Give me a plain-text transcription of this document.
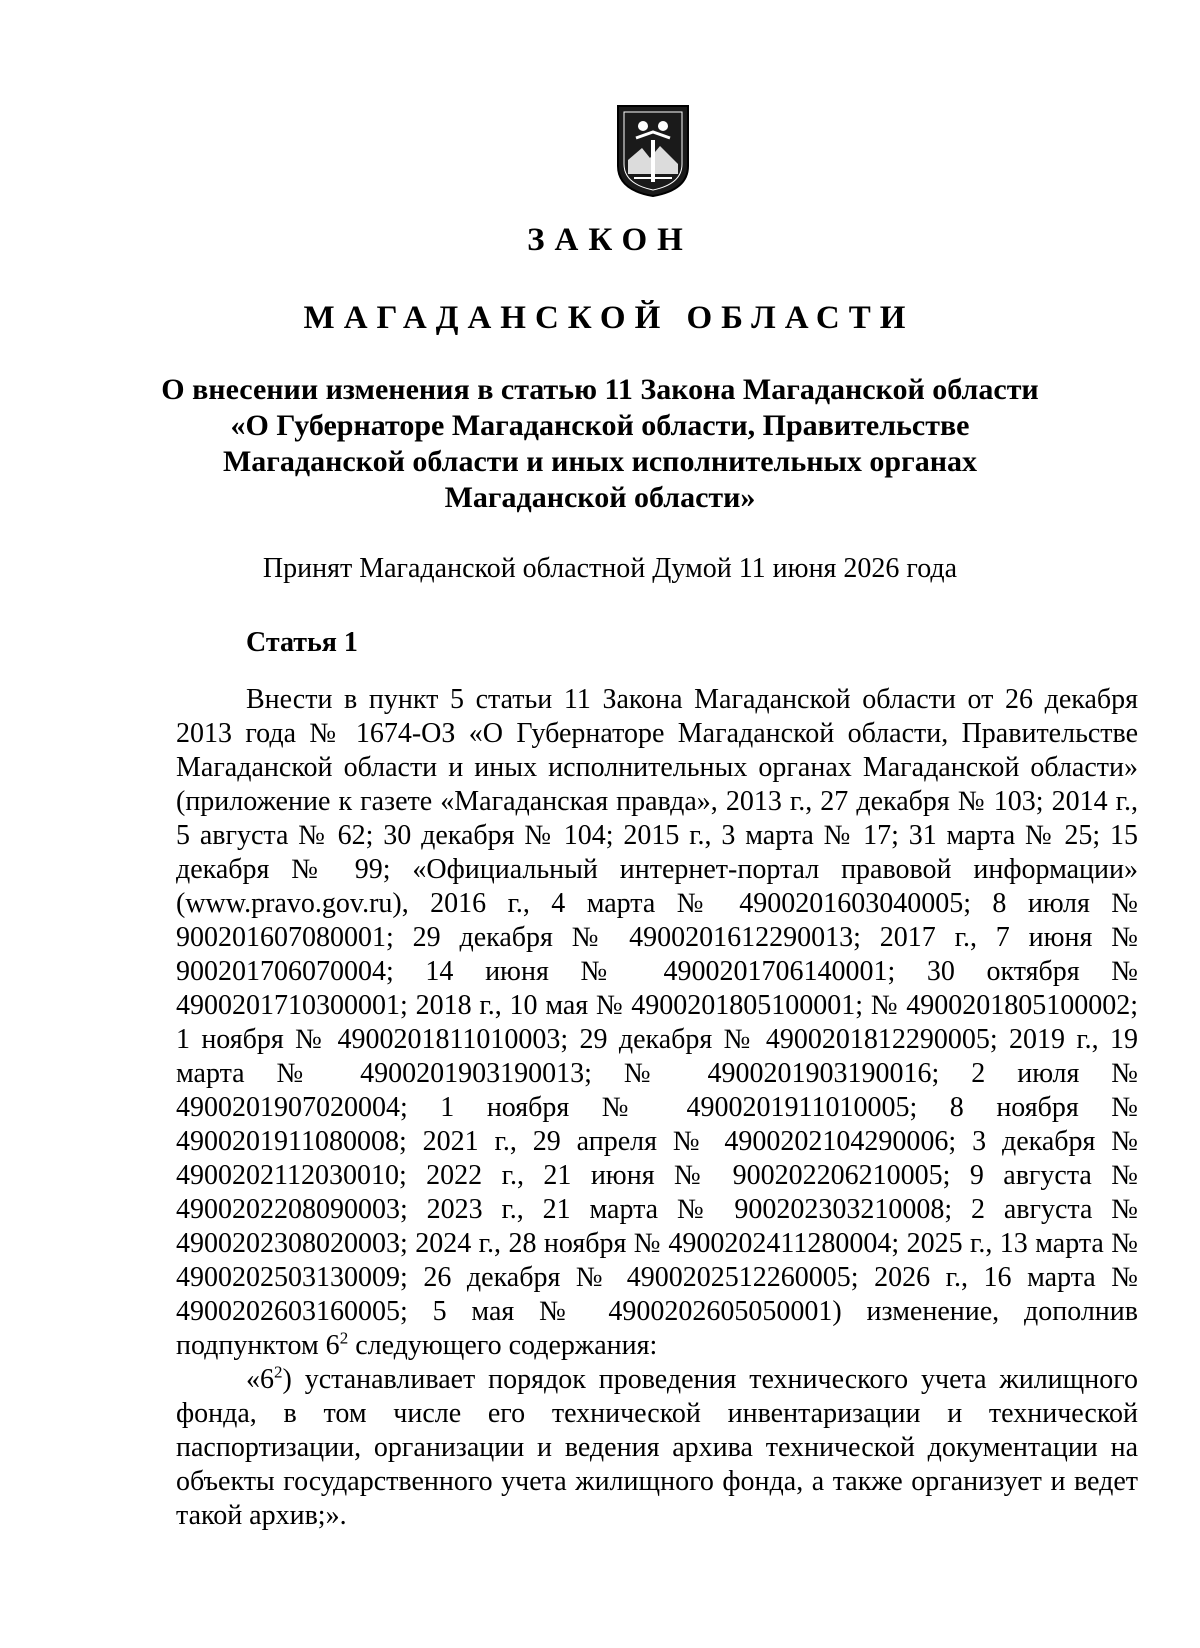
ЗАКОН
МАГАДАНСКОЙ ОБЛАСТИ
О внесении изменения в статью 11 Закона Магаданской области «О Губернаторе Магаданской области, Правительстве Магаданской области и иных исполнительных органах Магаданской области»
Принят Магаданской областной Думой 11 июня 2026 года
Статья 1

Внести в пункт 5 статьи 11 Закона Магаданской области от 26 декабря 2013 года № 1674-ОЗ «О Губернаторе Магаданской области, Правительстве Магаданской области и иных исполнительных органах Магаданской области» (приложение к газете «Магаданская правда», 2013 г., 27 декабря № 103; 2014 г., 5 августа № 62; 30 декабря № 104; 2015 г., 3 марта № 17; 31 марта № 25; 15 декабря № 99; «Официальный интернет-портал правовой информации» (www.pravo.gov.ru), 2016 г., 4 марта № 4900201603040005; 8 июля № 900201607080001; 29 декабря № 4900201612290013; 2017 г., 7 июня № 900201706070004; 14 июня № 4900201706140001; 30 октября № 4900201710300001; 2018 г., 10 мая № 4900201805100001; № 4900201805100002; 1 ноября № 4900201811010003; 29 декабря № 4900201812290005; 2019 г., 19 марта № 4900201903190013; № 4900201903190016; 2 июля № 4900201907020004; 1 ноября № 4900201911010005; 8 ноября № 4900201911080008; 2021 г., 29 апреля № 4900202104290006; 3 декабря № 4900202112030010; 2022 г., 21 июня № 900202206210005; 9 августа № 4900202208090003; 2023 г., 21 марта № 900202303210008; 2 августа № 4900202308020003; 2024 г., 28 ноября № 4900202411280004; 2025 г., 13 марта № 4900202503130009; 26 декабря № 4900202512260005; 2026 г., 16 марта № 4900202603160005; 5 мая № 4900202605050001) изменение, дополнив подпунктом $6^2$ следующего содержания:

«$6^2$) устанавливает порядок проведения технического учета жилищного фонда, в том числе его технической инвентаризации и технической паспортизации, организации и ведения архива технической документации на объекты государственного учета жилищного фонда, а также организует и ведет такой архив;».
